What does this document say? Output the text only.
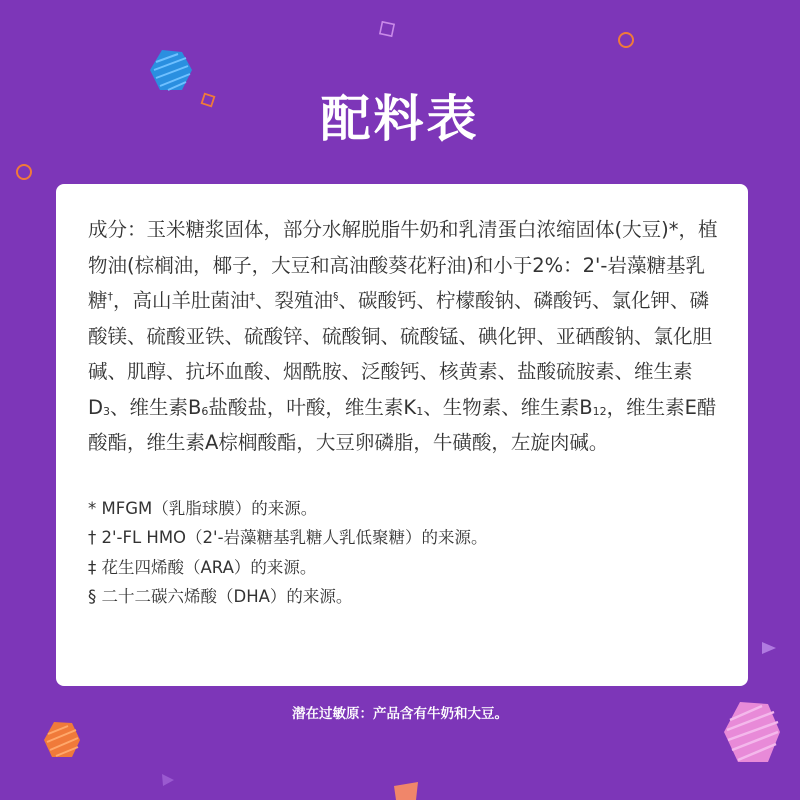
配料表

成分：玉米糖浆固体，部分水解脱脂牛奶和乳清蛋白浓缩固体(大豆)*，植物油(棕榈油，椰子，大豆和高油酸葵花籽油)和小于2%：2'-岩藻糖基乳糖†，高山羊肚菌油‡、裂殖油§、碳酸钙、柠檬酸钠、磷酸钙、氯化钾、磷酸镁、硫酸亚铁、硫酸锌、硫酸铜、硫酸锰、碘化钾、亚硒酸钠、氯化胆碱、肌醇、抗坏血酸、烟酰胺、泛酸钙、核黄素、盐酸硫胺素、维生素$D_3$、维生素$B_6$盐酸盐，叶酸，维生素$K_1$、生物素、维生素$B_{12}$，维生素E醋酸酯，维生素A棕榈酸酯，大豆卵磷脂，牛磺酸，左旋肉碱。

* MFGM（乳脂球膜）的来源。
† 2'-FL HMO（2'-岩藻糖基乳糖人乳低聚糖）的来源。
‡ 花生四烯酸（ARA）的来源。
§ 二十二碳六烯酸（DHA）的来源。
潜在过敏原：产品含有牛奶和大豆。
